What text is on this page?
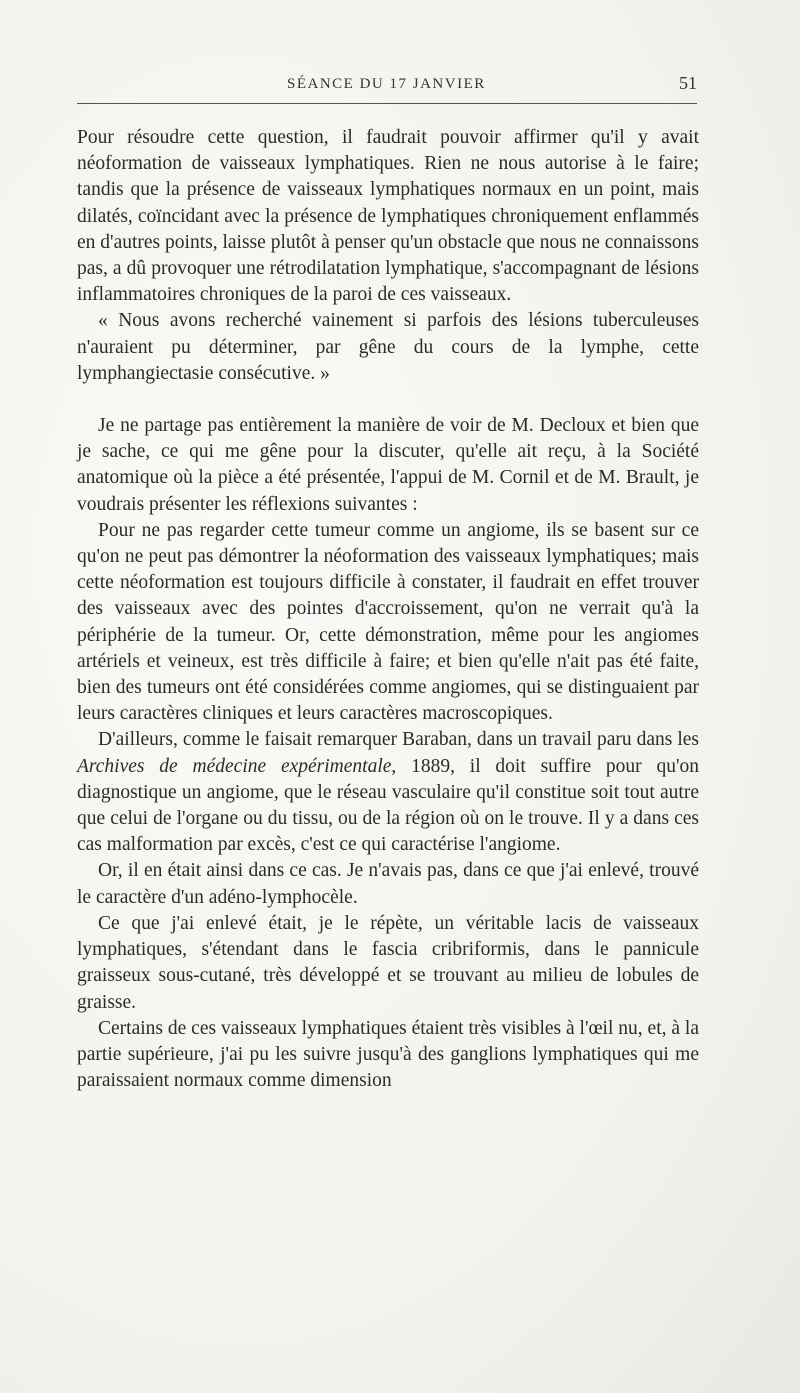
SÉANCE DU 17 JANVIER	51

Pour résoudre cette question, il faudrait pouvoir affirmer qu'il y avait néoformation de vaisseaux lymphatiques. Rien ne nous autorise à le faire; tandis que la présence de vaisseaux lymphatiques normaux en un point, mais dilatés, coïncidant avec la présence de lymphatiques chroniquement enflammés en d'autres points, laisse plutôt à penser qu'un obstacle que nous ne connaissons pas, a dû provoquer une rétrodilatation lymphatique, s'accompagnant de lésions inflammatoires chroniques de la paroi de ces vaisseaux.

« Nous avons recherché vainement si parfois des lésions tuberculeuses n'auraient pu déterminer, par gêne du cours de la lymphe, cette lymphangiectasie consécutive. »

Je ne partage pas entièrement la manière de voir de M. Decloux et bien que je sache, ce qui me gêne pour la discuter, qu'elle ait reçu, à la Société anatomique où la pièce a été présentée, l'appui de M. Cornil et de M. Brault, je voudrais présenter les réflexions suivantes :

Pour ne pas regarder cette tumeur comme un angiome, ils se basent sur ce qu'on ne peut pas démontrer la néoformation des vaisseaux lymphatiques; mais cette néoformation est toujours difficile à constater, il faudrait en effet trouver des vaisseaux avec des pointes d'accroissement, qu'on ne verrait qu'à la périphérie de la tumeur. Or, cette démonstration, même pour les angiomes artériels et veineux, est très difficile à faire; et bien qu'elle n'ait pas été faite, bien des tumeurs ont été considérées comme angiomes, qui se distinguaient par leurs caractères cliniques et leurs caractères macroscopiques.

D'ailleurs, comme le faisait remarquer Baraban, dans un travail paru dans les Archives de médecine expérimentale, 1889, il doit suffire pour qu'on diagnostique un angiome, que le réseau vasculaire qu'il constitue soit tout autre que celui de l'organe ou du tissu, ou de la région où on le trouve. Il y a dans ces cas malformation par excès, c'est ce qui caractérise l'angiome.

Or, il en était ainsi dans ce cas. Je n'avais pas, dans ce que j'ai enlevé, trouvé le caractère d'un adéno-lymphocèle.

Ce que j'ai enlevé était, je le répète, un véritable lacis de vaisseaux lymphatiques, s'étendant dans le fascia cribriformis, dans le pannicule graisseux sous-cutané, très développé et se trouvant au milieu de lobules de graisse.

Certains de ces vaisseaux lymphatiques étaient très visibles à l'œil nu, et, à la partie supérieure, j'ai pu les suivre jusqu'à des ganglions lymphatiques qui me paraissaient normaux comme dimension
